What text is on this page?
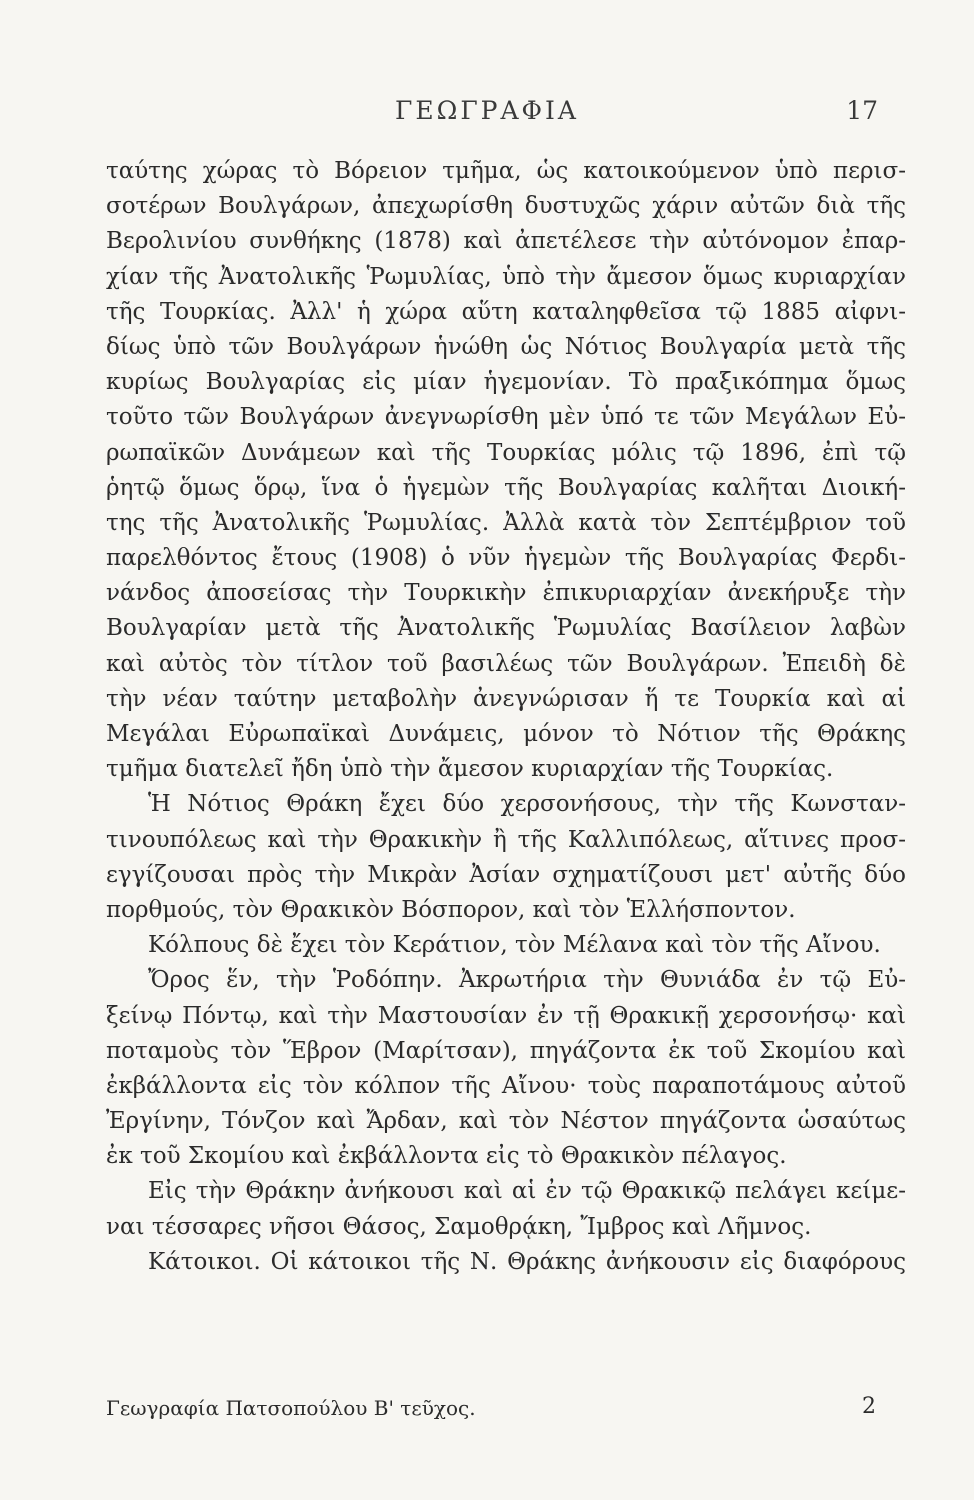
ΓΕΩΓΡΑΦΙΑ	17
ταύτης χώρας τὸ Βόρειον τμῆμα, ὡς κατοικούμενον ὑπὸ περισ-
σοτέρων Βουλγάρων, ἀπεχωρίσθη δυστυχῶς χάριν αὐτῶν διὰ τῆς
Βερολινίου συνθήκης (1878) καὶ ἀπετέλεσε τὴν αὐτόνομον ἐπαρ-
χίαν τῆς Ἀνατολικῆς Ῥωμυλίας, ὑπὸ τὴν ἄμεσον ὅμως κυριαρχίαν
τῆς Τουρκίας. Ἀλλ' ἡ χώρα αὕτη καταληφθεῖσα τῷ 1885 αἰφνι-
δίως ὑπὸ τῶν Βουλγάρων ἡνώθη ὡς Νότιος Βουλγαρία μετὰ τῆς
κυρίως Βουλγαρίας εἰς μίαν ἡγεμονίαν. Τὸ πραξικόπημα ὅμως
τοῦτο τῶν Βουλγάρων ἀνεγνωρίσθη μὲν ὑπό τε τῶν Μεγάλων Εὐ-
ρωπαϊκῶν Δυνάμεων καὶ τῆς Τουρκίας μόλις τῷ 1896, ἐπὶ τῷ
ῥητῷ ὅμως ὅρῳ, ἵνα ὁ ἡγεμὼν τῆς Βουλγαρίας καλῆται Διοική-
της τῆς Ἀνατολικῆς Ῥωμυλίας. Ἀλλὰ κατὰ τὸν Σεπτέμβριον τοῦ
παρελθόντος ἔτους (1908) ὁ νῦν ἡγεμὼν τῆς Βουλγαρίας Φερδι-
νάνδος ἀποσείσας τὴν Τουρκικὴν ἐπικυριαρχίαν ἀνεκήρυξε τὴν
Βουλγαρίαν μετὰ τῆς Ἀνατολικῆς Ῥωμυλίας Βασίλειον λαβὼν
καὶ αὐτὸς τὸν τίτλον τοῦ βασιλέως τῶν Βουλγάρων. Ἐπειδὴ δὲ
τὴν νέαν ταύτην μεταβολὴν ἀνεγνώρισαν ἥ τε Τουρκία καὶ αἱ
Μεγάλαι Εὐρωπαϊκαὶ Δυνάμεις, μόνον τὸ Νότιον τῆς Θράκης
τμῆμα διατελεῖ ἤδη ὑπὸ τὴν ἄμεσον κυριαρχίαν τῆς Τουρκίας.
Ἡ Νότιος Θράκη ἔχει δύο χερσονήσους, τὴν τῆς Κωνσταν-
τινουπόλεως καὶ τὴν Θρακικὴν ἢ τῆς Καλλιπόλεως, αἵτινες προσ-
εγγίζουσαι πρὸς τὴν Μικρὰν Ἀσίαν σχηματίζουσι μετ' αὐτῆς δύο
πορθμούς, τὸν Θρακικὸν Βόσπορον, καὶ τὸν Ἑλλήσποντον.
Κόλπους δὲ ἔχει τὸν Κεράτιον, τὸν Μέλανα καὶ τὸν τῆς Αἴνου.
Ὄρος ἕν, τὴν Ῥοδόπην. Ἀκρωτήρια τὴν Θυνιάδα ἐν τῷ Εὐ-
ξείνῳ Πόντῳ, καὶ τὴν Μαστουσίαν ἐν τῇ Θρακικῇ χερσονήσῳ· καὶ
ποταμοὺς τὸν Ἕβρον (Μαρίτσαν), πηγάζοντα ἐκ τοῦ Σκομίου καὶ
ἐκβάλλοντα εἰς τὸν κόλπον τῆς Αἴνου· τοὺς παραποτάμους αὐτοῦ
Ἐργίνην, Τόνζον καὶ Ἄρδαν, καὶ τὸν Νέστον πηγάζοντα ὡσαύτως
ἐκ τοῦ Σκομίου καὶ ἐκβάλλοντα εἰς τὸ Θρακικὸν πέλαγος.
Εἰς τὴν Θράκην ἀνήκουσι καὶ αἱ ἐν τῷ Θρακικῷ πελάγει κείμε-
ναι τέσσαρες νῆσοι Θάσος, Σαμοθρᾴκη, Ἴμβρος καὶ Λῆμνος.
Κάτοικοι. Οἱ κάτοικοι τῆς Ν. Θράκης ἀνήκουσιν εἰς διαφόρους
Γεωγραφία Πατσοπούλου Β' τεῦχος.	2
